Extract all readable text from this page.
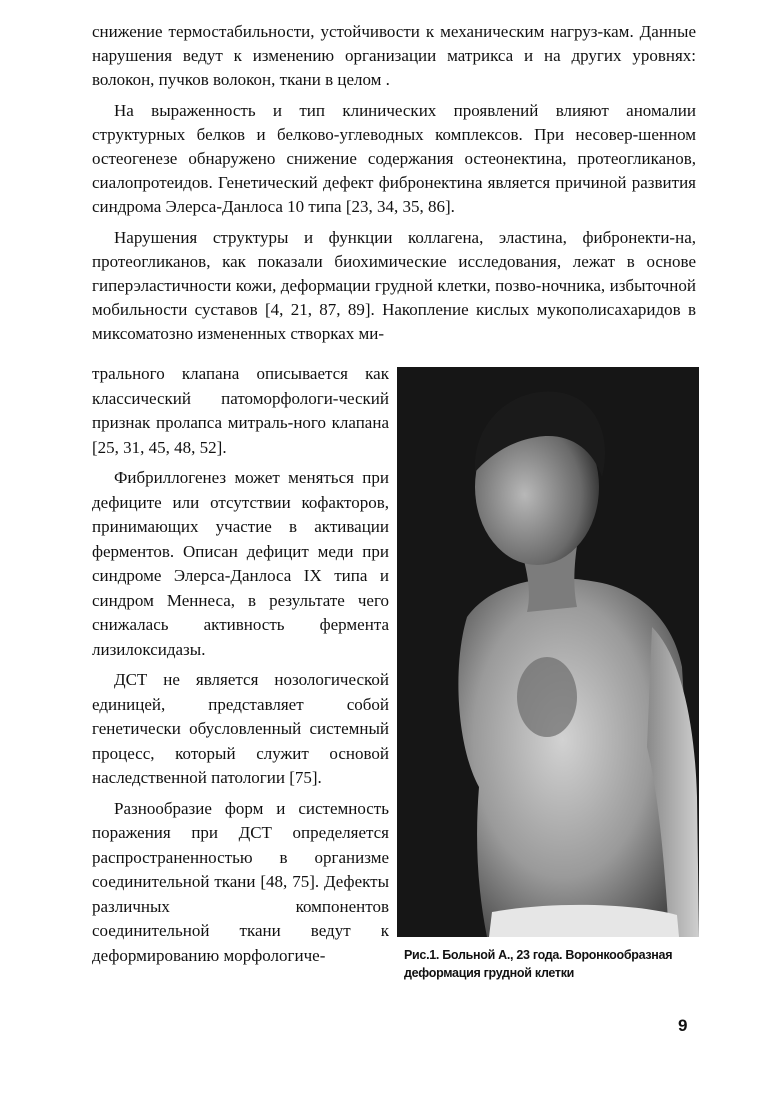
снижение термостабильности, устойчивости к механическим нагруз-кам. Данные нарушения ведут к изменению организации матрикса и на других уровнях: волокон, пучков волокон, ткани в целом .

На выраженность и тип клинических проявлений влияют аномалии структурных белков и белково-углеводных комплексов. При несовер-шенном остеогенезе обнаружено снижение содержания остеонектина, протеогликанов, сиалопротеидов. Генетический дефект фибронектина является причиной развития синдрома Элерса-Данлоса 10 типа [23, 34, 35, 86].

Нарушения структуры и функции коллагена, эластина, фибронекти-на, протеогликанов, как показали биохимические исследования, лежат в основе гиперэластичности кожи, деформации грудной клетки, позво-ночника, избыточной мобильности суставов [4, 21, 87, 89]. Накопление кислых мукополисахаридов в миксоматозно измененных створках ми-

трального клапана описывается как классический патоморфологи-ческий признак пролапса митраль-ного клапана [25, 31, 45, 48, 52].

Фибриллогенез может меняться при дефиците или отсутствии кофакторов, принимающих участие в активации ферментов. Описан дефицит меди при синдроме Элерса-Данлоса IX типа и синдром Меннеса, в результате чего снижалась активность фермента лизилоксидазы.

ДСТ не является нозологической единицей, представляет собой генетически обусловленный системный процесс, который служит основой наследственной патологии [75].

Разнообразие форм и системность поражения при ДСТ определяется распространенностью в организме соединительной ткани [48, 75]. Дефекты различных компонентов соединительной ткани ведут к деформированию морфологиче-	Рис.1. Больной А., 23 года. Воронкообразная деформация грудной клетки
9
